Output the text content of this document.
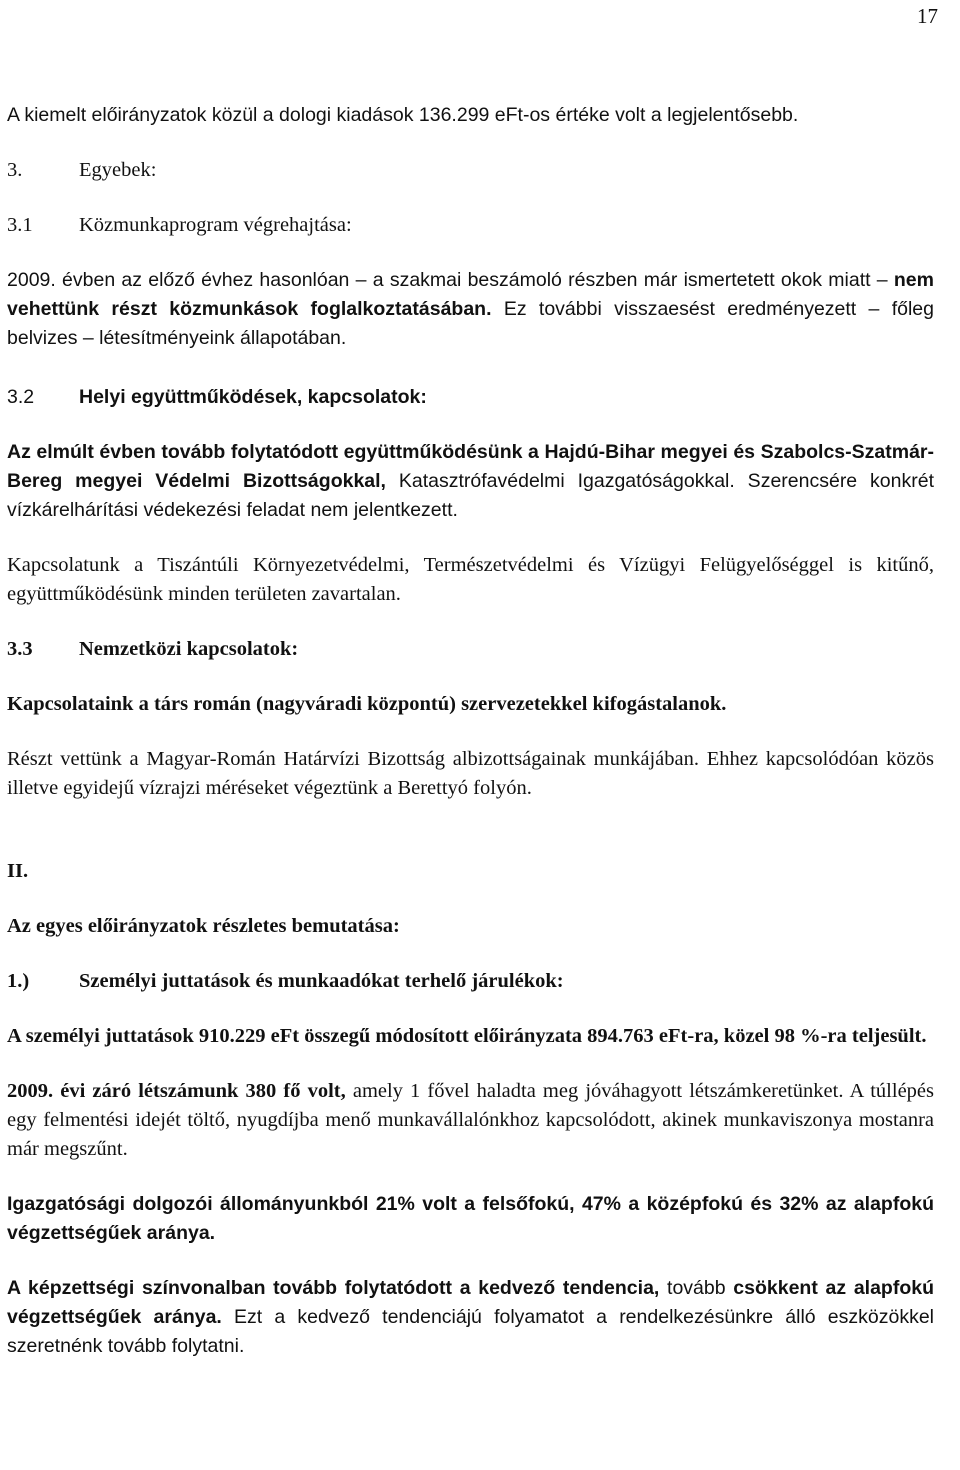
17

A kiemelt előirányzatok közül a dologi kiadások 136.299 eFt-os értéke volt a legjelentősebb.

3.	Egyebek:

3.1 Közmunkaprogram végrehajtása:

2009. évben az előző évhez hasonlóan – a szakmai beszámoló részben már ismertetett okok miatt – nem vehettünk részt közmunkások foglalkoztatásában. Ez további visszaesést eredményezett – főleg belvizes – létesítményeink állapotában.

3.2 Helyi együttműködések, kapcsolatok:

Az elmúlt évben tovább folytatódott együttműködésünk a Hajdú-Bihar megyei és Szabolcs-Szatmár-Bereg megyei Védelmi Bizottságokkal, Katasztrófavédelmi Igazgatóságokkal. Szerencsére konkrét vízkárelhárítási védekezési feladat nem jelentkezett.

Kapcsolatunk a Tiszántúli Környezetvédelmi, Természetvédelmi és Vízügyi Felügyelőséggel is kitűnő, együttműködésünk minden területen zavartalan.

3.3 Nemzetközi kapcsolatok:

Kapcsolataink a társ román (nagyváradi központú) szervezetekkel kifogástalanok.

Részt vettünk a Magyar-Román Határvízi Bizottság albizottságainak munkájában. Ehhez kapcsolódóan közös illetve egyidejű vízrajzi méréseket végeztünk a Berettyó folyón.

II.

Az egyes előirányzatok részletes bemutatása:

1.) Személyi juttatások és munkaadókat terhelő járulékok:

A személyi juttatások 910.229 eFt összegű módosított előirányzata 894.763 eFt-ra, közel 98 %-ra teljesült.

2009. évi záró létszámunk 380 fő volt, amely 1 fővel haladta meg jóváhagyott létszámkeretünket. A túllépés egy felmentési idejét töltő, nyugdíjba menő munkavállalónkhoz kapcsolódott, akinek munkaviszonya mostanra már megszűnt.

Igazgatósági dolgozói állományunkból 21% volt a felsőfokú, 47% a középfokú és 32% az alapfokú végzettségűek aránya.

A képzettségi színvonalban tovább folytatódott a kedvező tendencia, tovább csökkent az alapfokú végzettségűek aránya. Ezt a kedvező tendenciájú folyamatot a rendelkezésünkre álló eszközökkel szeretnénk tovább folytatni.
